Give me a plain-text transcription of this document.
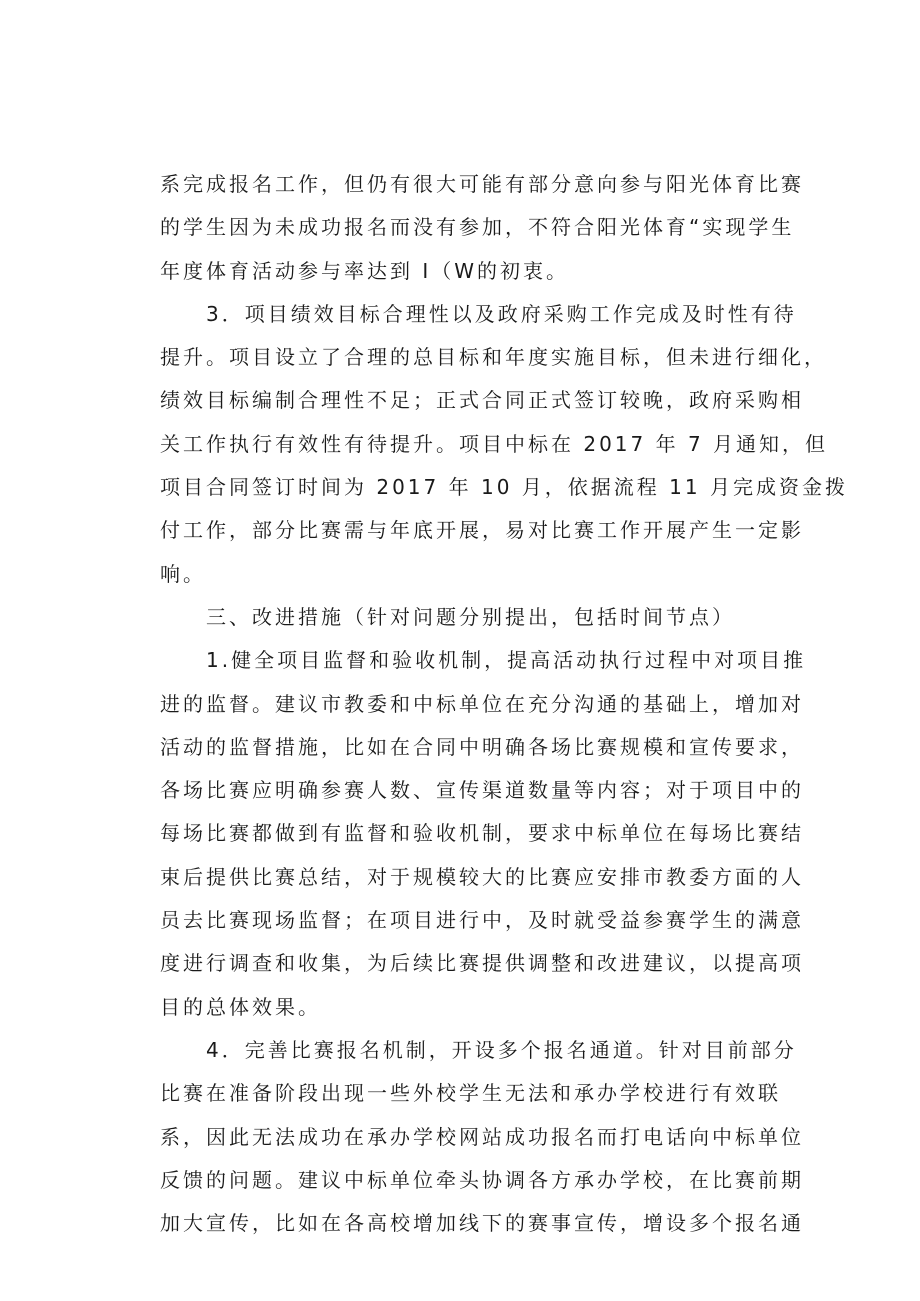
系完成报名工作，但仍有很大可能有部分意向参与阳光体育比赛
的学生因为未成功报名而没有参加，不符合阳光体育“实现学生
年度体育活动参与率达到 I（W的初衷。
3．项目绩效目标合理性以及政府采购工作完成及时性有待
提升。项目设立了合理的总目标和年度实施目标，但未进行细化，
绩效目标编制合理性不足；正式合同正式签订较晚，政府采购相
关工作执行有效性有待提升。项目中标在 2017 年 7 月通知，但
项目合同签订时间为 2017 年 10 月，依据流程 11 月完成资金拨
付工作，部分比赛需与年底开展，易对比赛工作开展产生一定影
响。
三、改进措施（针对问题分别提出，包括时间节点）
1.健全项目监督和验收机制，提高活动执行过程中对项目推
进的监督。建议市教委和中标单位在充分沟通的基础上，增加对
活动的监督措施，比如在合同中明确各场比赛规模和宣传要求，
各场比赛应明确参赛人数、宣传渠道数量等内容；对于项目中的
每场比赛都做到有监督和验收机制，要求中标单位在每场比赛结
束后提供比赛总结，对于规模较大的比赛应安排市教委方面的人
员去比赛现场监督；在项目进行中，及时就受益参赛学生的满意
度进行调查和收集，为后续比赛提供调整和改进建议，以提高项
目的总体效果。
4．完善比赛报名机制，开设多个报名通道。针对目前部分
比赛在准备阶段出现一些外校学生无法和承办学校进行有效联
系，因此无法成功在承办学校网站成功报名而打电话向中标单位
反馈的问题。建议中标单位牵头协调各方承办学校，在比赛前期
加大宣传，比如在各高校增加线下的赛事宣传，增设多个报名通
